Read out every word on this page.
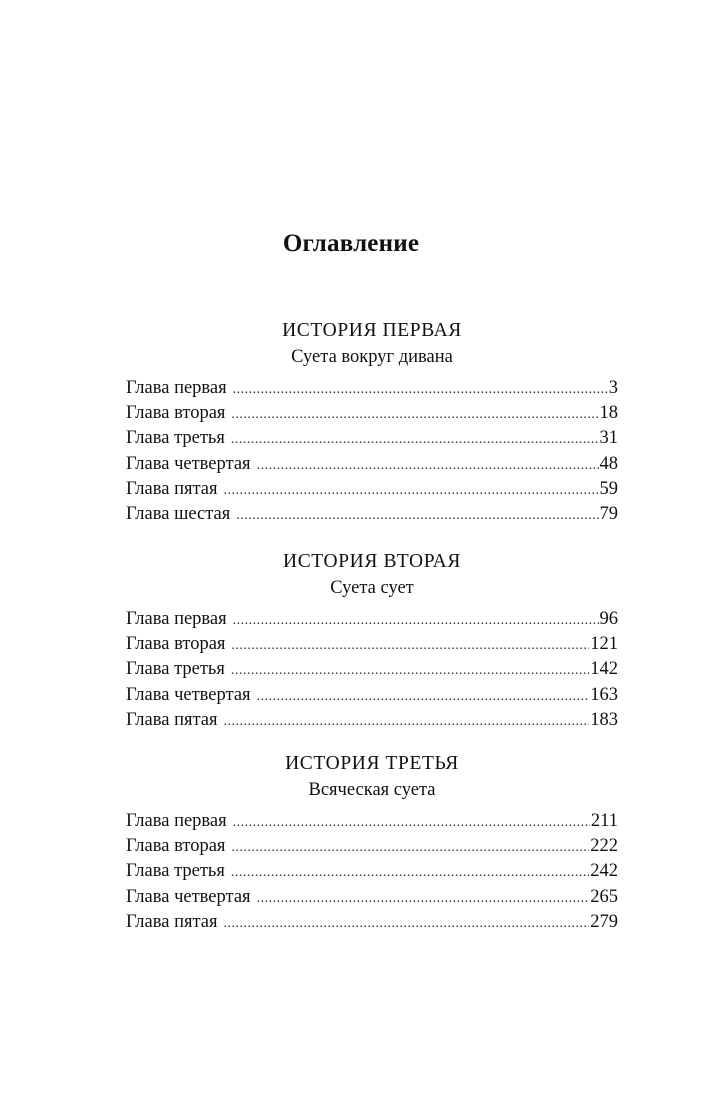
Оглавление
ИСТОРИЯ ПЕРВАЯ
Суета вокруг дивана
Глава первая .....	3
Глава вторая .....	18
Глава третья .....	31
Глава четвертая .....	48
Глава пятая .....	59
Глава шестая .....	79
ИСТОРИЯ ВТОРАЯ
Суета сует
Глава первая .....	96
Глава вторая .....	121
Глава третья .....	142
Глава четвертая .....	163
Глава пятая .....	183
ИСТОРИЯ ТРЕТЬЯ
Всяческая суета
Глава первая .....	211
Глава вторая .....	222
Глава третья .....	242
Глава четвертая .....	265
Глава пятая .....	279
